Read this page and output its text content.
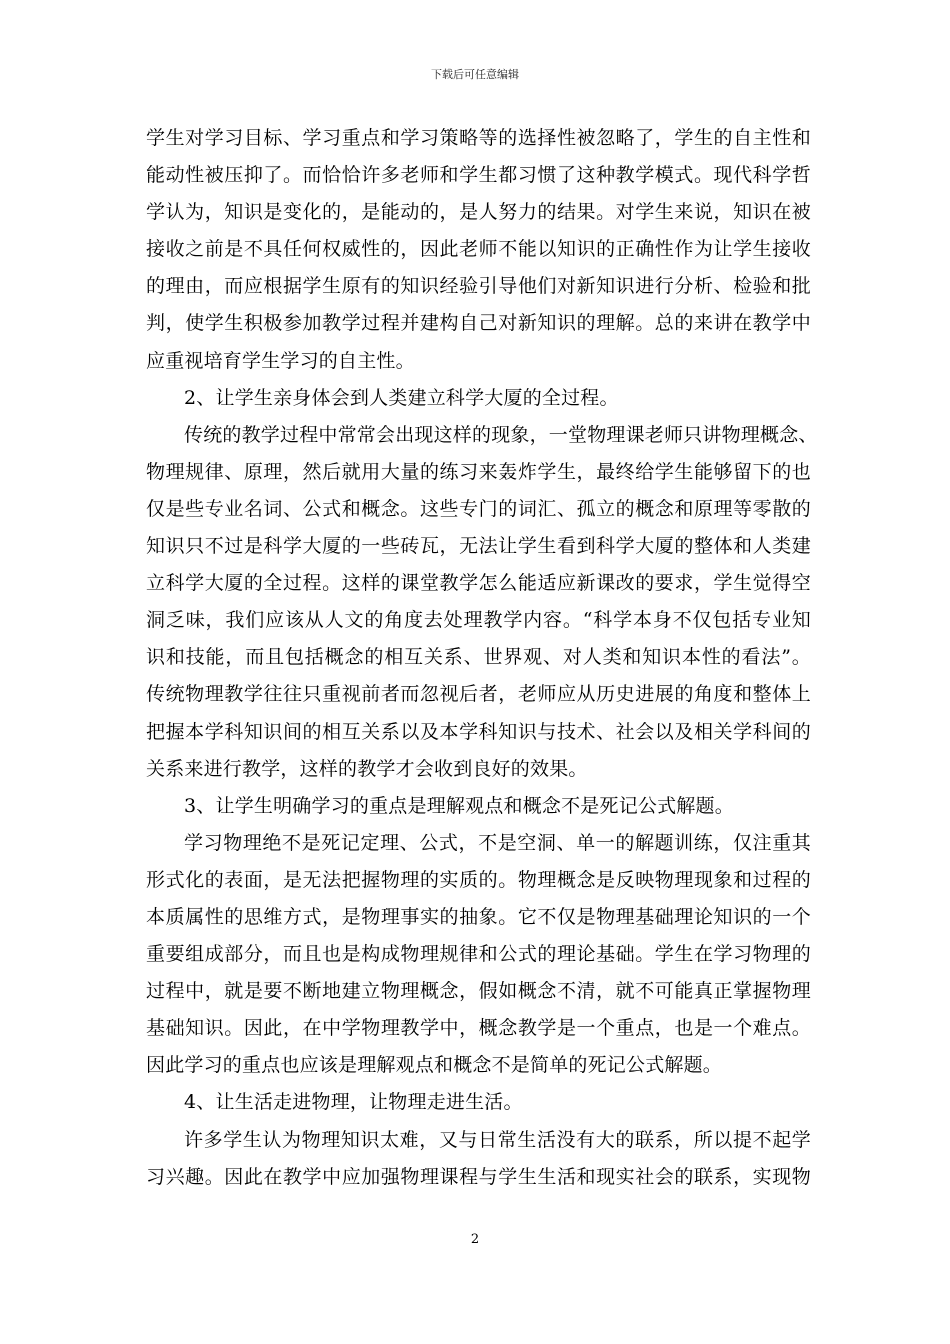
下载后可任意编辑
学生对学习目标、学习重点和学习策略等的选择性被忽略了，学生的自主性和
能动性被压抑了。而恰恰许多老师和学生都习惯了这种教学模式。现代科学哲
学认为，知识是变化的，是能动的，是人努力的结果。对学生来说，知识在被
接收之前是不具任何权威性的，因此老师不能以知识的正确性作为让学生接收
的理由，而应根据学生原有的知识经验引导他们对新知识进行分析、检验和批
判，使学生积极参加教学过程并建构自己对新知识的理解。总的来讲在教学中
应重视培育学生学习的自主性。
2、让学生亲身体会到人类建立科学大厦的全过程。
传统的教学过程中常常会出现这样的现象，一堂物理课老师只讲物理概念、
物理规律、原理，然后就用大量的练习来轰炸学生，最终给学生能够留下的也
仅是些专业名词、公式和概念。这些专门的词汇、孤立的概念和原理等零散的
知识只不过是科学大厦的一些砖瓦，无法让学生看到科学大厦的整体和人类建
立科学大厦的全过程。这样的课堂教学怎么能适应新课改的要求，学生觉得空
洞乏味，我们应该从人文的角度去处理教学内容。“科学本身不仅包括专业知
识和技能，而且包括概念的相互关系、世界观、对人类和知识本性的看法”。
传统物理教学往往只重视前者而忽视后者，老师应从历史进展的角度和整体上
把握本学科知识间的相互关系以及本学科知识与技术、社会以及相关学科间的
关系来进行教学，这样的教学才会收到良好的效果。
3、让学生明确学习的重点是理解观点和概念不是死记公式解题。
学习物理绝不是死记定理、公式，不是空洞、单一的解题训练，仅注重其
形式化的表面，是无法把握物理的实质的。物理概念是反映物理现象和过程的
本质属性的思维方式，是物理事实的抽象。它不仅是物理基础理论知识的一个
重要组成部分，而且也是构成物理规律和公式的理论基础。学生在学习物理的
过程中，就是要不断地建立物理概念，假如概念不清，就不可能真正掌握物理
基础知识。因此，在中学物理教学中，概念教学是一个重点，也是一个难点。
因此学习的重点也应该是理解观点和概念不是简单的死记公式解题。
4、让生活走进物理，让物理走进生活。
许多学生认为物理知识太难，又与日常生活没有大的联系，所以提不起学
习兴趣。因此在教学中应加强物理课程与学生生活和现实社会的联系，实现物
2
